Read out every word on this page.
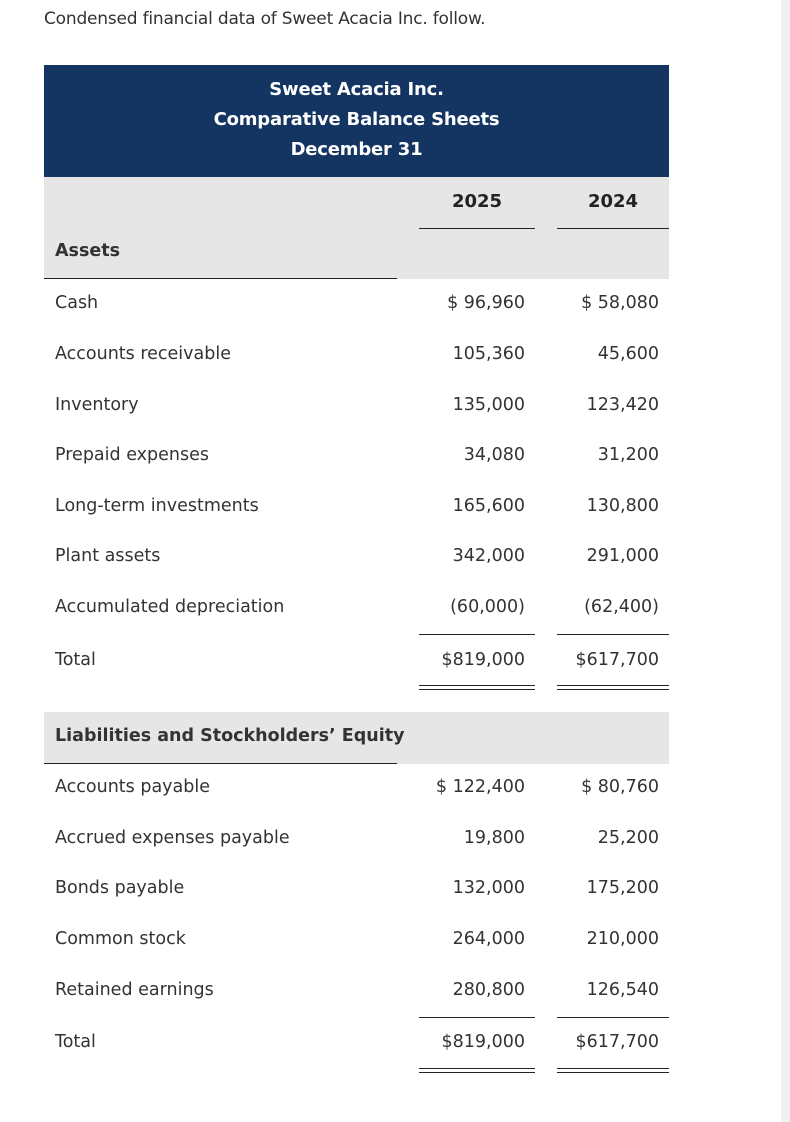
Condensed financial data of Sweet Acacia Inc. follow.
Sweet Acacia Inc.
Comparative Balance Sheets
December 31
2025	2024
Assets
Cash	$ 96,960	$ 58,080
Accounts receivable	105,360	45,600
Inventory	135,000	123,420
Prepaid expenses	34,080	31,200
Long-term investments	165,600	130,800
Plant assets	342,000	291,000
Accumulated depreciation	(60,000)	(62,400)
Total	$819,000	$617,700
Liabilities and Stockholders’ Equity
Accounts payable	$ 122,400	$ 80,760
Accrued expenses payable	19,800	25,200
Bonds payable	132,000	175,200
Common stock	264,000	210,000
Retained earnings	280,800	126,540
Total	$819,000	$617,700
